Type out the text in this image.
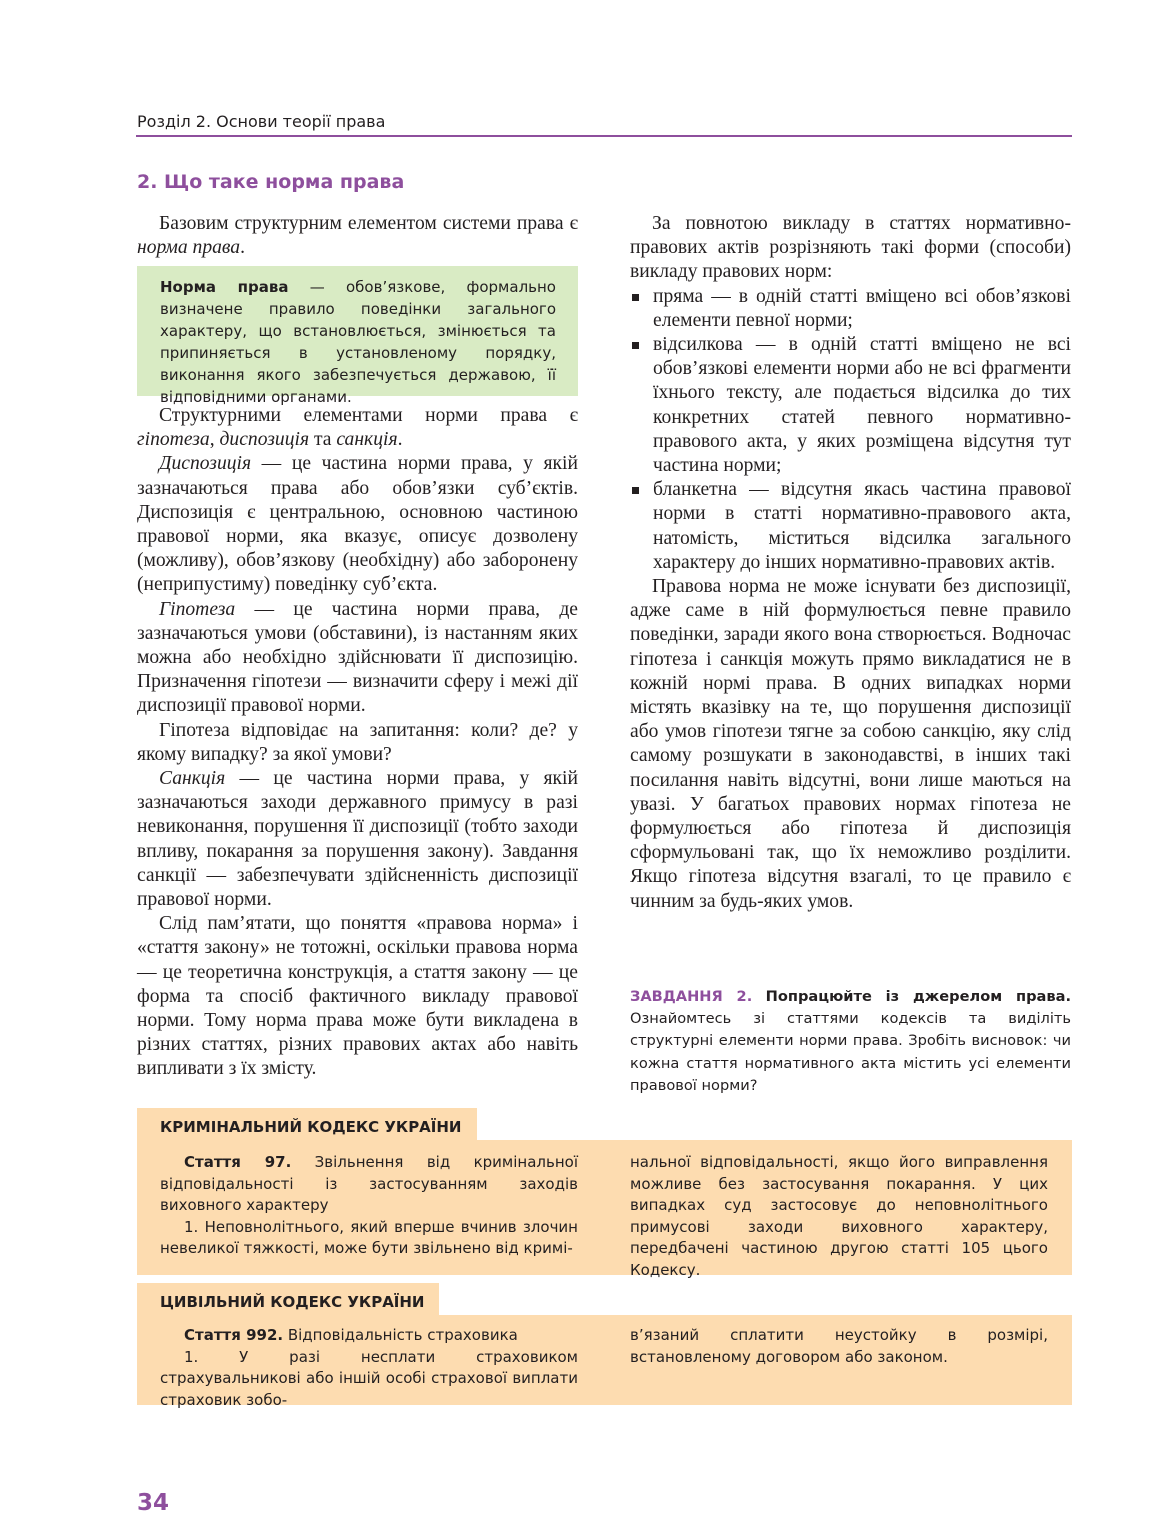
Розділ 2. Основи теорії права
2. Що таке норма права

Базовим структурним елементом системи права є норма права.

Норма права — обов’язкове, формально визначене правило поведінки загального характеру, що встановлюється, змінюється та припиняється в установленому порядку, виконання якого забезпечується державою, її відповідними органами.

Структурними елементами норми права є гіпотеза, диспозиція та санкція.

Диспозиція — це частина норми права, у якій зазначаються права або обов’язки суб’єктів. Диспозиція є центральною, основною частиною правової норми, яка вказує, описує дозволену (можливу), обов’язкову (необхідну) або заборонену (неприпустиму) поведінку суб’єкта.

Гіпотеза — це частина норми права, де зазначаються умови (обставини), із настанням яких можна або необхідно здійснювати її диспозицію. Призначення гіпотези — визначити сферу і межі дії диспозиції правової норми.

Гіпотеза відповідає на запитання: коли? де? у якому випадку? за якої умови?

Санкція — це частина норми права, у якій зазначаються заходи державного примусу в разі невиконання, порушення її диспозиції (тобто заходи впливу, покарання за порушення закону). Завдання санкції — забезпечувати здійсненність диспозиції правової норми.

Слід пам’ятати, що поняття «правова норма» і «стаття закону» не тотожні, оскільки правова норма — це теоретична конструкція, а стаття закону — це форма та спосіб фактичного викладу правової норми. Тому норма права може бути викладена в різних статтях, різних правових актах або навіть випливати з їх змісту.

За повнотою викладу в статтях нормативно-правових актів розрізняють такі форми (способи) викладу правових норм:

пряма — в одній статті вміщено всі обов’язкові елементи певної норми;
відсилкова — в одній статті вміщено не всі обов’язкові елементи норми або не всі фрагменти їхнього тексту, але подається відсилка до тих конкретних статей певного нормативно-правового акта, у яких розміщена відсутня тут частина норми;
бланкетна — відсутня якась частина правової норми в статті нормативно-правового акта, натомість, міститься відсилка загального характеру до інших нормативно-правових актів.

Правова норма не може існувати без диспозиції, адже саме в ній формулюється певне правило поведінки, заради якого вона створюється. Водночас гіпотеза і санкція можуть прямо викладатися не в кожній нормі права. В одних випадках норми містять вказівку на те, що порушення диспозиції або умов гіпотези тягне за собою санкцію, яку слід самому розшукати в законодавстві, в інших такі посилання навіть відсутні, вони лише маються на увазі. У багатьох правових нормах гіпотеза не формулюється або гіпотеза й диспозиція сформульовані так, що їх неможливо розділити. Якщо гіпотеза відсутня взагалі, то це правило є чинним за будь-яких умов.

ЗАВДАННЯ 2. Попрацюйте із джерелом права. Ознайомтесь зі статтями кодексів та виділіть структурні елементи норми права. Зробіть висновок: чи кожна стаття нормативного акта містить усі елементи правової норми?
КРИМІНАЛЬНИЙ КОДЕКС УКРАЇНИ

Стаття 97. Звільнення від кримінальної відповідальності із застосуванням заходів виховного характеру

1. Неповнолітнього, який вперше вчинив злочин невеликої тяжкості, може бути звільнено від кримі-

нальної відповідальності, якщо його виправлення можливе без застосування покарання. У цих випадках суд застосовує до неповнолітнього примусові заходи виховного характеру, передбачені частиною другою статті 105 цього Кодексу.

ЦИВІЛЬНИЙ КОДЕКС УКРАЇНИ

Стаття 992. Відповідальність страховика

1. У разі несплати страховиком страхувальникові або іншій особі страхової виплати страховик зобо-

в’язаний сплатити неустойку в розмірі, встановленому договором або законом.

34
